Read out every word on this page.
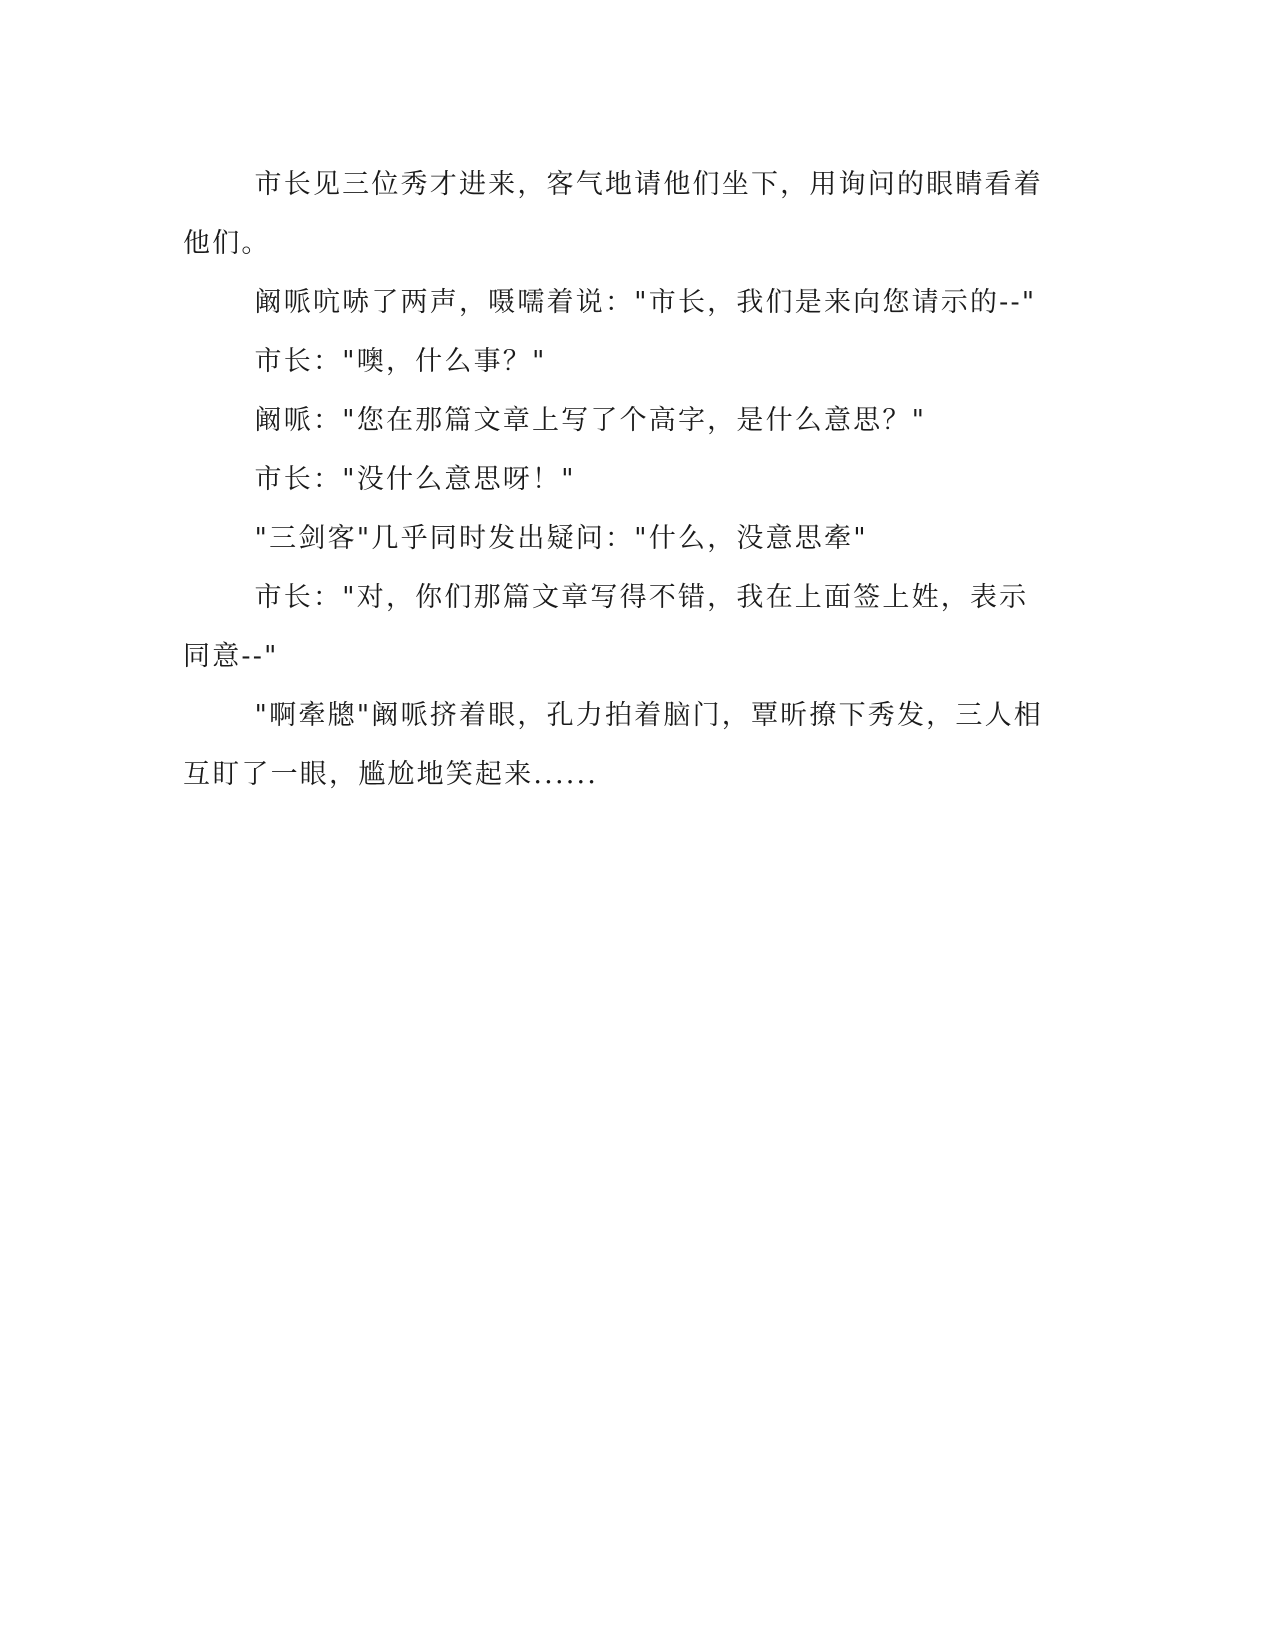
市长见三位秀才进来，客气地请他们坐下，用询问的眼睛看着他们。

阚哌吭哧了两声，嗫嚅着说："市长，我们是来向您请示的--"

市长："噢，什么事？"

阚哌："您在那篇文章上写了个高字，是什么意思？"

市长："没什么意思呀！"

"三剑客"几乎同时发出疑问："什么，没意思牽"

市长："对，你们那篇文章写得不错，我在上面签上姓，表示同意--"

"啊牽牕"阚哌挤着眼，孔力拍着脑门，覃昕撩下秀发，三人相互盯了一眼，尴尬地笑起来......
